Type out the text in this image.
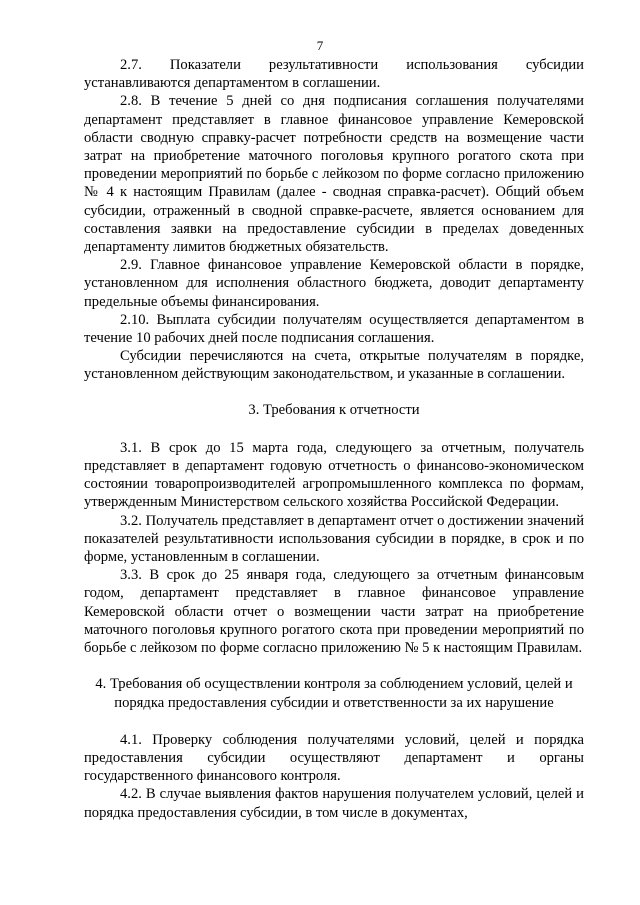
7

2.7. Показатели результативности использования субсидии устанавливаются департаментом в соглашении.

2.8. В течение 5 дней со дня подписания соглашения получателями департамент представляет в главное финансовое управление Кемеровской области сводную справку-расчет потребности средств на возмещение части затрат на приобретение маточного поголовья крупного рогатого скота при проведении мероприятий по борьбе с лейкозом по форме согласно приложению № 4 к настоящим Правилам (далее - сводная справка-расчет). Общий объем субсидии, отраженный в сводной справке-расчете, является основанием для составления заявки на предоставление субсидии в пределах доведенных департаменту лимитов бюджетных обязательств.

2.9. Главное финансовое управление Кемеровской области в порядке, установленном для исполнения областного бюджета, доводит департаменту предельные объемы финансирования.

2.10. Выплата субсидии получателям осуществляется департаментом в течение 10 рабочих дней после подписания соглашения.

Субсидии перечисляются на счета, открытые получателям в порядке, установленном действующим законодательством, и указанные в соглашении.

3. Требования к отчетности

3.1. В срок до 15 марта года, следующего за отчетным, получатель представляет в департамент годовую отчетность о финансово-экономическом состоянии товаропроизводителей агропромышленного комплекса по формам, утвержденным Министерством сельского хозяйства Российской Федерации.

3.2. Получатель представляет в департамент отчет о достижении значений показателей результативности использования субсидии в порядке, в срок и по форме, установленным в соглашении.

3.3. В срок до 25 января года, следующего за отчетным финансовым годом, департамент представляет в главное финансовое управление Кемеровской области отчет о возмещении части затрат на приобретение маточного поголовья крупного рогатого скота при проведении мероприятий по борьбе с лейкозом по форме согласно приложению № 5 к настоящим Правилам.

4. Требования об осуществлении контроля за соблюдением условий, целей и

порядка предоставления субсидии и ответственности за их нарушение

4.1. Проверку соблюдения получателями условий, целей и порядка предоставления субсидии осуществляют департамент и органы государственного финансового контроля.

4.2. В случае выявления фактов нарушения получателем условий, целей и порядка предоставления субсидии, в том числе в документах,
